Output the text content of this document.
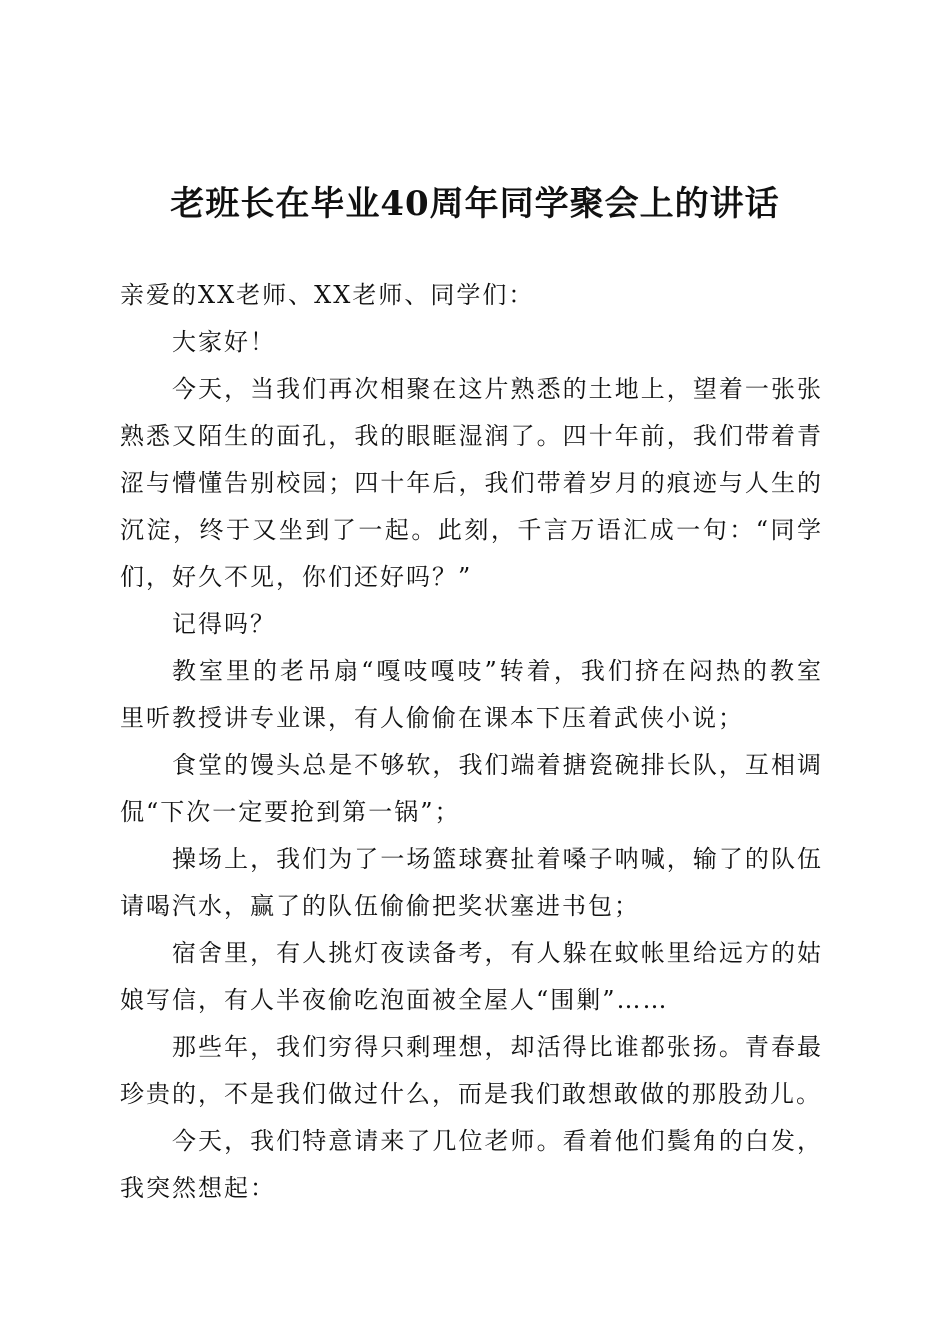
老班长在毕业40周年同学聚会上的讲话

亲爱的XX老师、XX老师、同学们：

大家好！

今天，当我们再次相聚在这片熟悉的土地上，望着一张张熟悉又陌生的面孔，我的眼眶湿润了。四十年前，我们带着青涩与懵懂告别校园；四十年后，我们带着岁月的痕迹与人生的沉淀，终于又坐到了一起。此刻，千言万语汇成一句：“同学们，好久不见，你们还好吗？”

记得吗？

教室里的老吊扇“嘎吱嘎吱”转着，我们挤在闷热的教室里听教授讲专业课，有人偷偷在课本下压着武侠小说；

食堂的馒头总是不够软，我们端着搪瓷碗排长队，互相调侃“下次一定要抢到第一锅”；

操场上，我们为了一场篮球赛扯着嗓子呐喊，输了的队伍请喝汽水，赢了的队伍偷偷把奖状塞进书包；

宿舍里，有人挑灯夜读备考，有人躲在蚊帐里给远方的姑娘写信，有人半夜偷吃泡面被全屋人“围剿”……

那些年，我们穷得只剩理想，却活得比谁都张扬。青春最珍贵的，不是我们做过什么，而是我们敢想敢做的那股劲儿。

今天，我们特意请来了几位老师。看着他们鬓角的白发，我突然想起：
